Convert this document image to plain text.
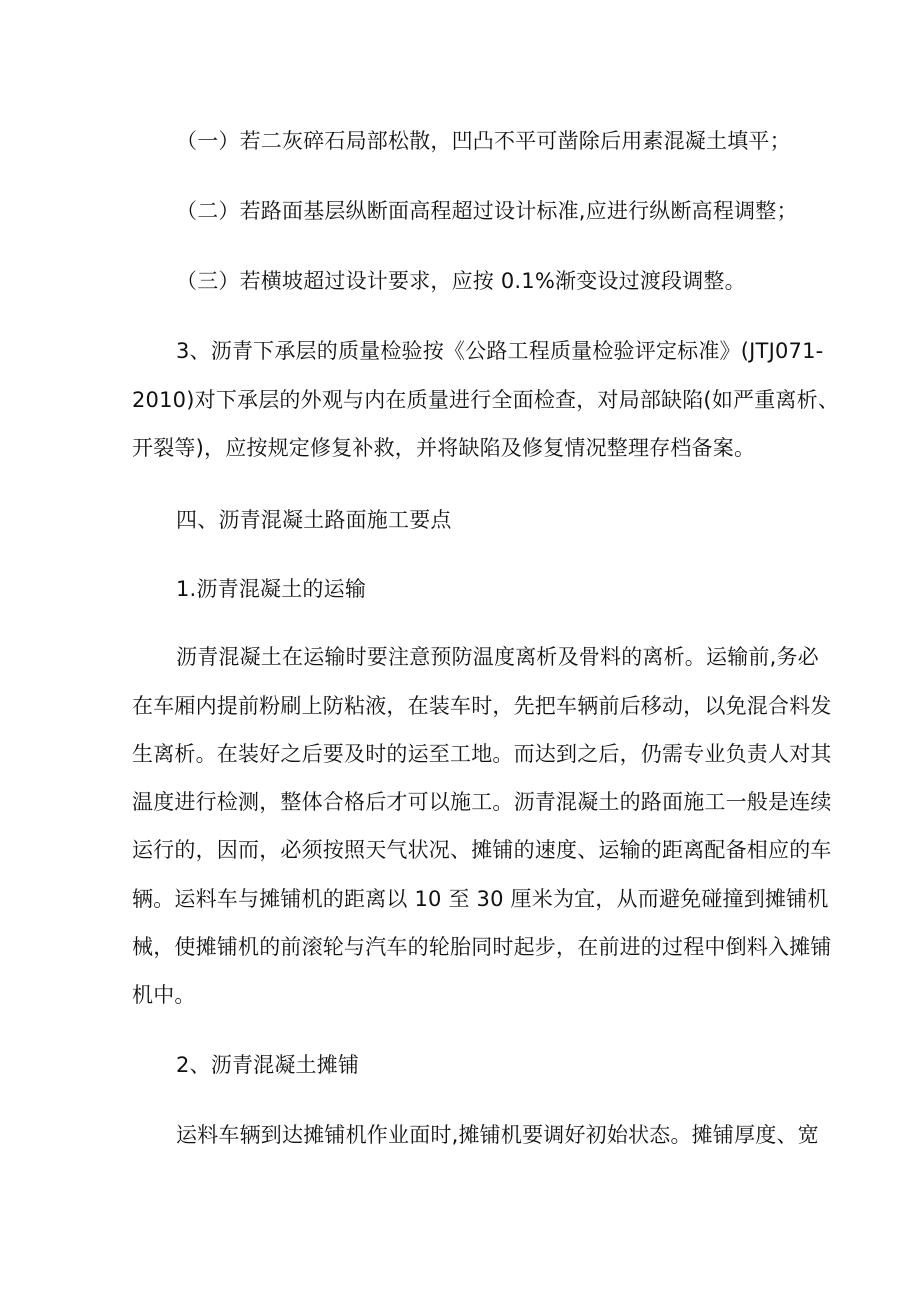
（一）若二灰碎石局部松散，凹凸不平可凿除后用素混凝土填平；

（二）若路面基层纵断面高程超过设计标准,应进行纵断高程调整；

（三）若横坡超过设计要求，应按 0.1%渐变设过渡段调整。

3、沥青下承层的质量检验按《公路工程质量检验评定标准》(JTJ071-

2010)对下承层的外观与内在质量进行全面检查，对局部缺陷(如严重离析、

开裂等)，应按规定修复补救，并将缺陷及修复情况整理存档备案。

四、沥青混凝土路面施工要点

1.沥青混凝土的运输

沥青混凝土在运输时要注意预防温度离析及骨料的离析。运输前,务必

在车厢内提前粉刷上防粘液，在装车时，先把车辆前后移动，以免混合料发

生离析。在装好之后要及时的运至工地。而达到之后，仍需专业负责人对其

温度进行检测，整体合格后才可以施工。沥青混凝土的路面施工一般是连续

运行的，因而，必须按照天气状况、摊铺的速度、运输的距离配备相应的车

辆。运料车与摊铺机的距离以 10 至 30 厘米为宜，从而避免碰撞到摊铺机

械，使摊铺机的前滚轮与汽车的轮胎同时起步，在前进的过程中倒料入摊铺

机中。

2、沥青混凝土摊铺

运料车辆到达摊铺机作业面时,摊铺机要调好初始状态。摊铺厚度、宽
